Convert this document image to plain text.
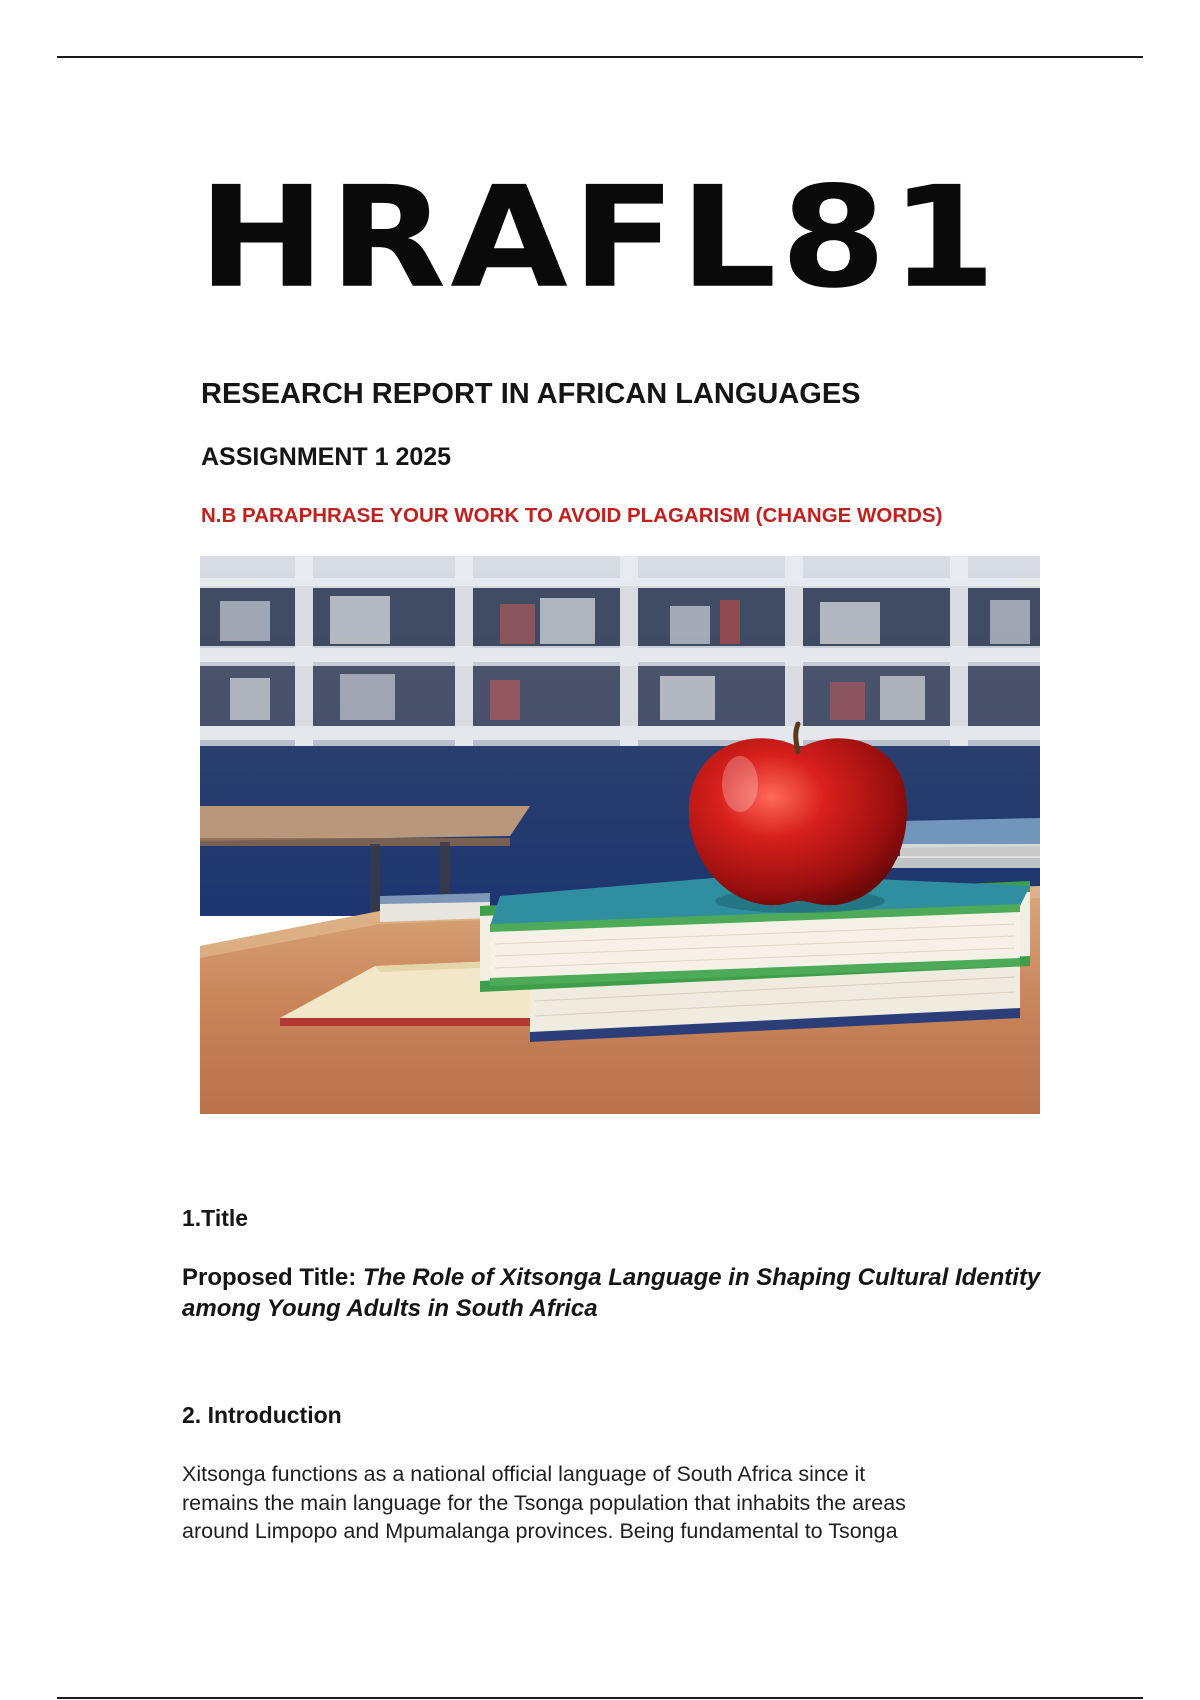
HRAFL81
RESEARCH REPORT IN AFRICAN LANGUAGES
ASSIGNMENT 1 2025
N.B PARAPHRASE YOUR WORK TO AVOID PLAGARISM (CHANGE WORDS)
1.Title
Proposed Title: The Role of Xitsonga Language in Shaping Cultural Identity among Young Adults in South Africa
2. Introduction
Xitsonga functions as a national official language of South Africa since it
remains the main language for the Tsonga population that inhabits the areas
around Limpopo and Mpumalanga provinces. Being fundamental to Tsonga
